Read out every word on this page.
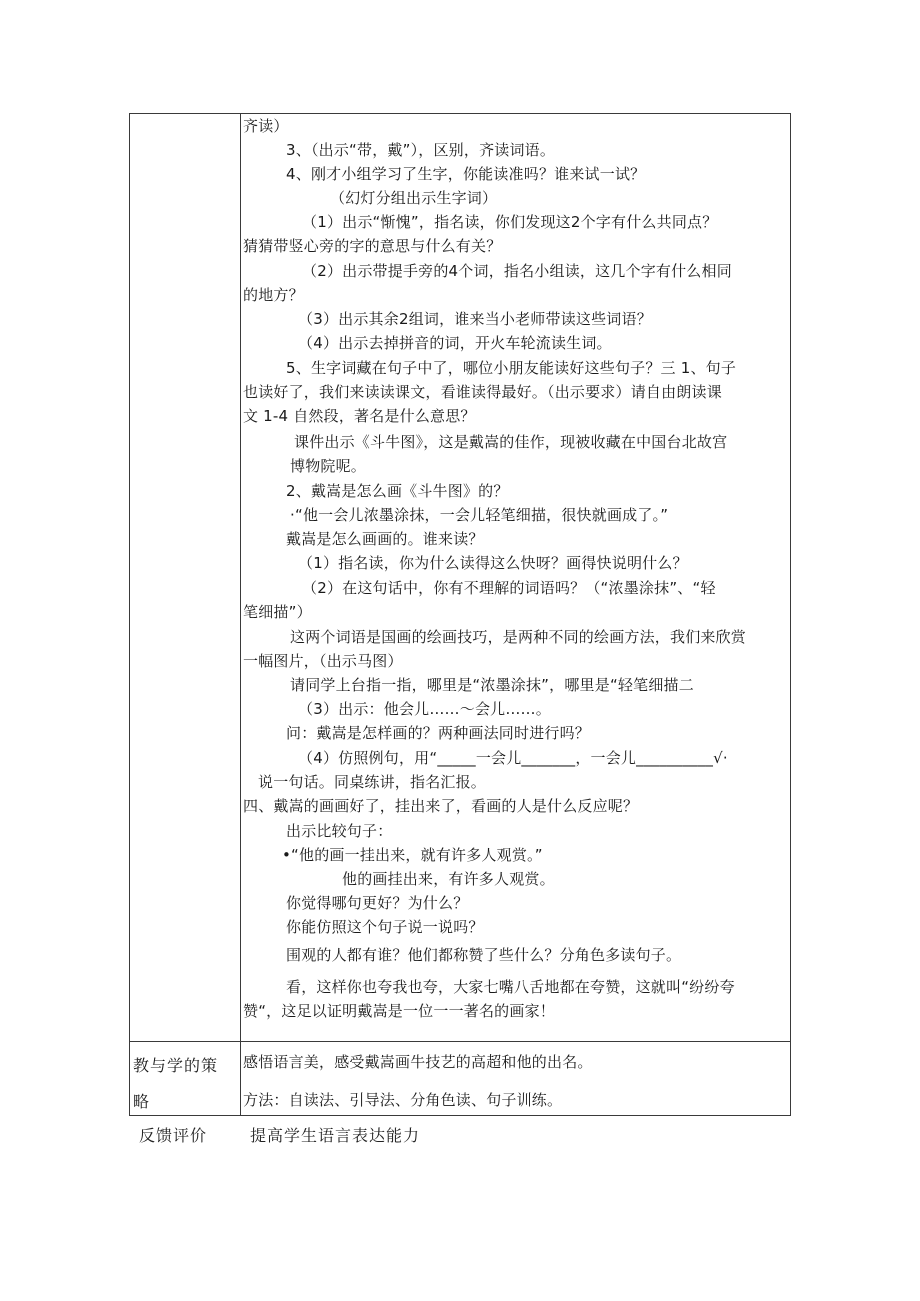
齐读）
3、（出示“带，戴”），区别，齐读词语。
4、刚才小组学习了生字，你能读准吗？谁来试一试？
（幻灯分组出示生字词）
（1）出示“惭愧”，指名读，你们发现这2个字有什么共同点？
猜猜带竖心旁的字的意思与什么有关？
（2）出示带提手旁的4个词，指名小组读，这几个字有什么相同
的地方？
（3）出示其余2组词，谁来当小老师带读这些词语？
（4）出示去掉拼音的词，开火车轮流读生词。
5、生字词藏在句子中了，哪位小朋友能读好这些句子？三 1、句子
也读好了，我们来读读课文，看谁读得最好。（出示要求）请自由朗读课
文 1-4 自然段，著名是什么意思？
课件出示《斗牛图》，这是戴嵩的佳作，现被收藏在中国台北故宫
博物院呢。
2、戴嵩是怎么画《斗牛图》的？
·“他一会儿浓墨涂抹，一会儿轻笔细描，很快就画成了。”
戴嵩是怎么画画的。谁来读？
（1）指名读，你为什么读得这么快呀？画得快说明什么？
（2）在这句话中，你有不理解的词语吗？（“浓墨涂抹”、“轻
笔细描”）
这两个词语是国画的绘画技巧，是两种不同的绘画方法，我们来欣赏
一幅图片，（出示马图）
请同学上台指一指，哪里是“浓墨涂抹”，哪里是“轻笔细描二
（3）出示：他会儿……～会儿……。
问：戴嵩是怎样画的？两种画法同时进行吗？
（4）仿照例句，用“_____一会儿_______，一会儿__________√·
说一句话。同桌练讲，指名汇报。
四、戴嵩的画画好了，挂出来了，看画的人是什么反应呢？
出示比较句子：
•“他的画一挂出来，就有许多人观赏。”
他的画挂出来，有许多人观赏。
你觉得哪句更好？为什么？
你能仿照这个句子说一说吗？
围观的人都有谁？他们都称赞了些什么？分角色多读句子。
看，这样你也夸我也夸，大家七嘴八舌地都在夸赞，这就叫“纷纷夸
赞“，这足以证明戴嵩是一位一一著名的画家！
教与学的策
略
感悟语言美，感受戴嵩画牛技艺的高超和他的出名。
方法：自读法、引导法、分角色读、句子训练。
反馈评价	提高学生语言表达能力
